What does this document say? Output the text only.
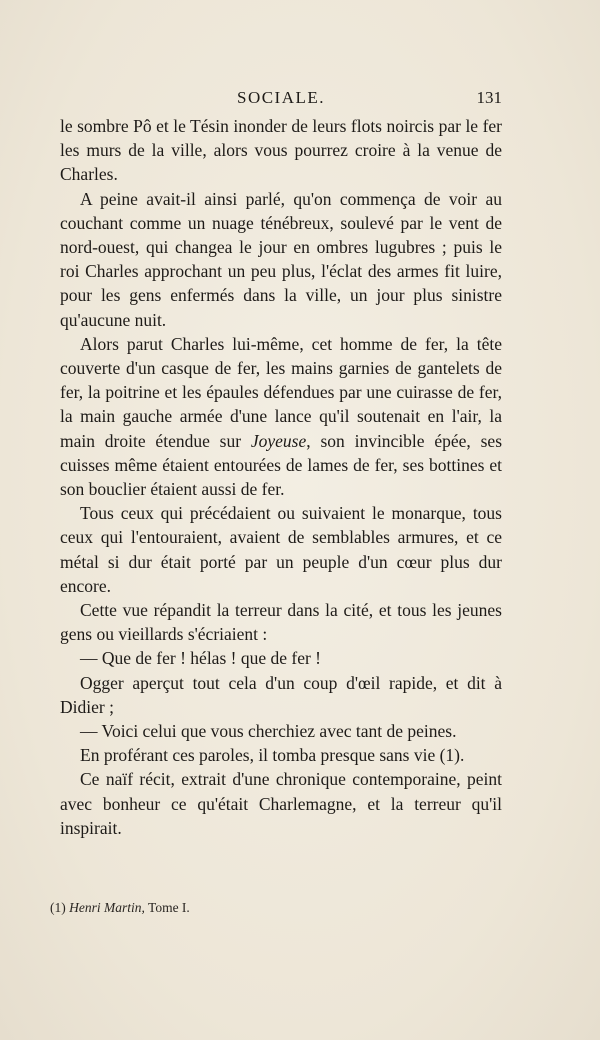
SOCIALE.	131

le sombre Pô et le Tésin inonder de leurs flots noircis par le fer les murs de la ville, alors vous pourrez croire à la venue de Charles.

A peine avait-il ainsi parlé, qu'on commença de voir au couchant comme un nuage ténébreux, soulevé par le vent de nord-ouest, qui changea le jour en ombres lugubres ; puis le roi Charles approchant un peu plus, l'éclat des armes fit luire, pour les gens enfermés dans la ville, un jour plus sinistre qu'aucune nuit.

Alors parut Charles lui-même, cet homme de fer, la tête couverte d'un casque de fer, les mains garnies de gantelets de fer, la poitrine et les épaules défendues par une cuirasse de fer, la main gauche armée d'une lance qu'il soutenait en l'air, la main droite étendue sur Joyeuse, son invincible épée, ses cuisses même étaient entourées de lames de fer, ses bottines et son bouclier étaient aussi de fer.

Tous ceux qui précédaient ou suivaient le monarque, tous ceux qui l'entouraient, avaient de semblables armures, et ce métal si dur était porté par un peuple d'un cœur plus dur encore.

Cette vue répandit la terreur dans la cité, et tous les jeunes gens ou vieillards s'écriaient :

— Que de fer ! hélas ! que de fer !

Ogger aperçut tout cela d'un coup d'œil rapide, et dit à Didier ;

— Voici celui que vous cherchiez avec tant de peines.

En proférant ces paroles, il tomba presque sans vie (1).

Ce naïf récit, extrait d'une chronique contemporaine, peint avec bonheur ce qu'était Charlemagne, et la terreur qu'il inspirait.

(1) Henri Martin, Tome I.
